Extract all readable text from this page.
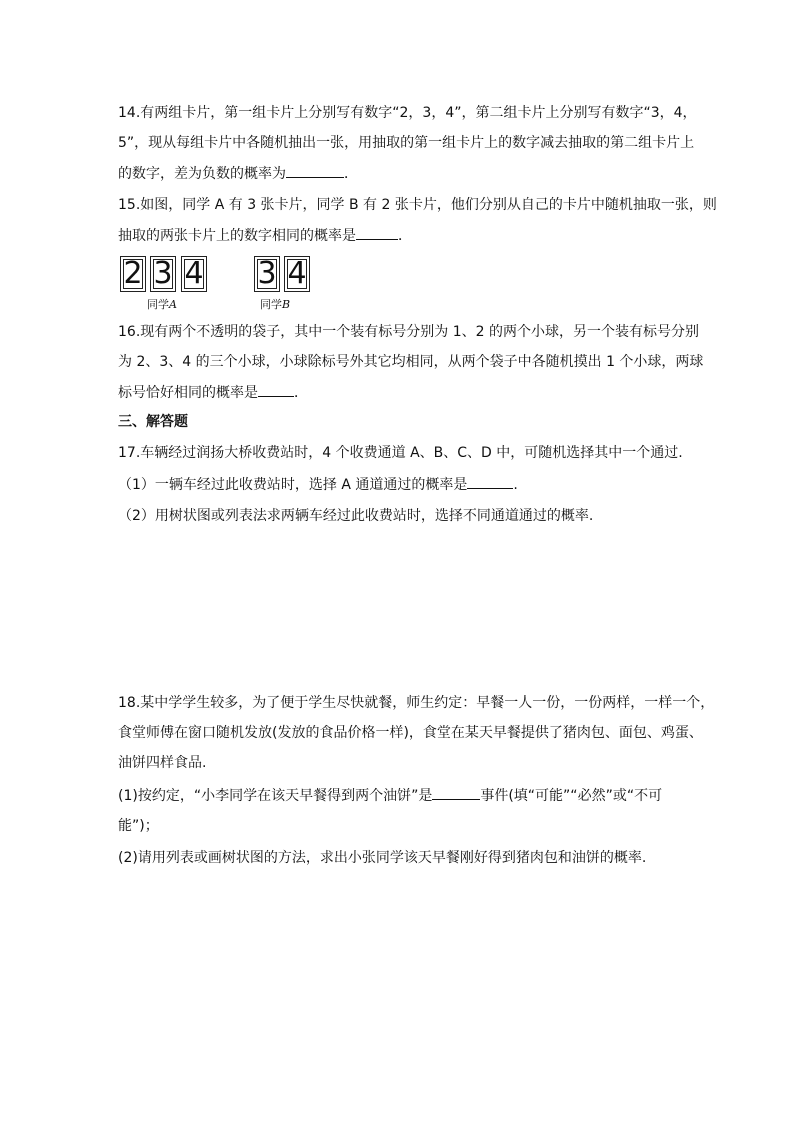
14.有两组卡片，第一组卡片上分别写有数字“2，3，4”，第二组卡片上分别写有数字“3，4，
5”，现从每组卡片中各随机抽出一张，用抽取的第一组卡片上的数字减去抽取的第二组卡片上
的数字，差为负数的概率为	．
15.如图，同学 A 有 3 张卡片，同学 B 有 2 张卡片，他们分别从自己的卡片中随机抽取一张，则
抽取的两张卡片上的数字相同的概率是	．
2 3 4
同学A
3 4
同学B
16.现有两个不透明的袋子，其中一个装有标号分别为 1、2 的两个小球，另一个装有标号分别
为 2、3、4 的三个小球，小球除标号外其它均相同，从两个袋子中各随机摸出 1 个小球，两球
标号恰好相同的概率是	．
三、解答题
17.车辆经过润扬大桥收费站时，4 个收费通道 A、B、C、D 中，可随机选择其中一个通过.
（1）一辆车经过此收费站时，选择 A 通道通过的概率是	.
（2）用树状图或列表法求两辆车经过此收费站时，选择不同通道通过的概率.
18.某中学学生较多，为了便于学生尽快就餐，师生约定：早餐一人一份，一份两样，一样一个，
食堂师傅在窗口随机发放(发放的食品价格一样)，食堂在某天早餐提供了猪肉包、面包、鸡蛋、
油饼四样食品.
(1)按约定，“小李同学在该天早餐得到两个油饼”是	事件(填“可能”“必然”或“不可
能”)；
(2)请用列表或画树状图的方法，求出小张同学该天早餐刚好得到猪肉包和油饼的概率.
